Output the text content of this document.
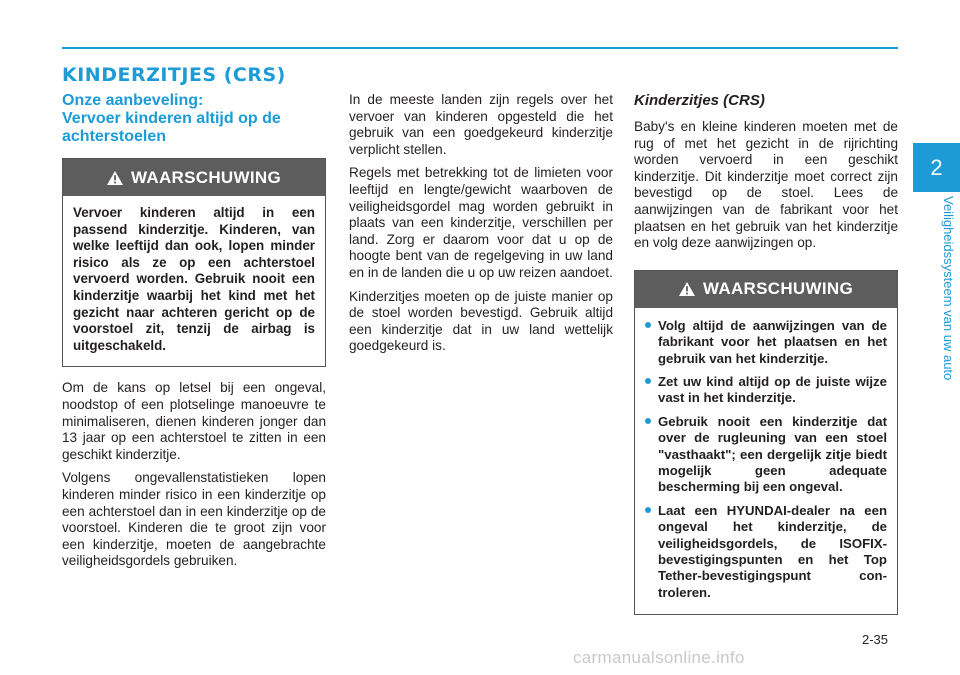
KINDERZITJES (CRS)
Onze aanbeveling:
Vervoer kinderen altijd op de achterstoelen
WAARSCHUWING

Vervoer kinderen altijd in een passend kinderzitje. Kinderen, van welke leeftijd dan ook, lopen minder risico als ze op een achterstoel vervoerd worden. Gebruik nooit een kinderzitje waarbij het kind met het gezicht naar achteren gericht op de voorstoel zit, tenzij de airbag is uitgeschakeld.

Om de kans op letsel bij een ongeval, noodstop of een plotselinge manoeuvre te minimaliseren, dienen kinderen jonger dan 13 jaar op een achterstoel te zitten in een geschikt kinderzitje.

Volgens ongevallenstatistieken lopen kinderen minder risico in een kinderzitje op een achterstoel dan in een kinderzitje op de voorstoel. Kinderen die te groot zijn voor een kinderzitje, moeten de aangebrachte veiligheidsgordels gebruiken.

In de meeste landen zijn regels over het vervoer van kinderen opgesteld die het gebruik van een goedgekeurd kinderzitje verplicht stellen.

Regels met betrekking tot de limieten voor leeftijd en lengte/gewicht waarboven de veiligheidsgordel mag worden gebruikt in plaats van een kinderzitje, verschillen per land. Zorg er daarom voor dat u op de hoogte bent van de regelgeving in uw land en in de landen die u op uw reizen aandoet.

Kinderzitjes moeten op de juiste manier op de stoel worden bevestigd. Gebruik altijd een kinderzitje dat in uw land wettelijk goedgekeurd is.

Kinderzitjes (CRS)

Baby's en kleine kinderen moeten met de rug of met het gezicht in de rijrichting worden vervoerd in een geschikt kinderzitje. Dit kinderzitje moet correct zijn bevestigd op de stoel. Lees de aanwijzingen van de fabrikant voor het plaatsen en het gebruik van het kinderzitje en volg deze aanwijzingen op.

WAARSCHUWING
Volg altijd de aanwijzingen van de fabrikant voor het plaatsen en het gebruik van het kinderzitje.
Zet uw kind altijd op de juiste wijze vast in het kinderzitje.
Gebruik nooit een kinderzitje dat over de rugleuning van een stoel "vasthaakt"; een dergelijk zitje biedt mogelijk geen adequate bescherming bij een ongeval.
Laat een HYUNDAI-dealer na een ongeval het kinderzitje, de veiligheidsgordels, de ISOFIX-bevestigingspunten en het Top Tether-bevestigingspunt con-troleren.
2
Veiligheidssysteem van uw auto
2-35
carmanualsonline.info
